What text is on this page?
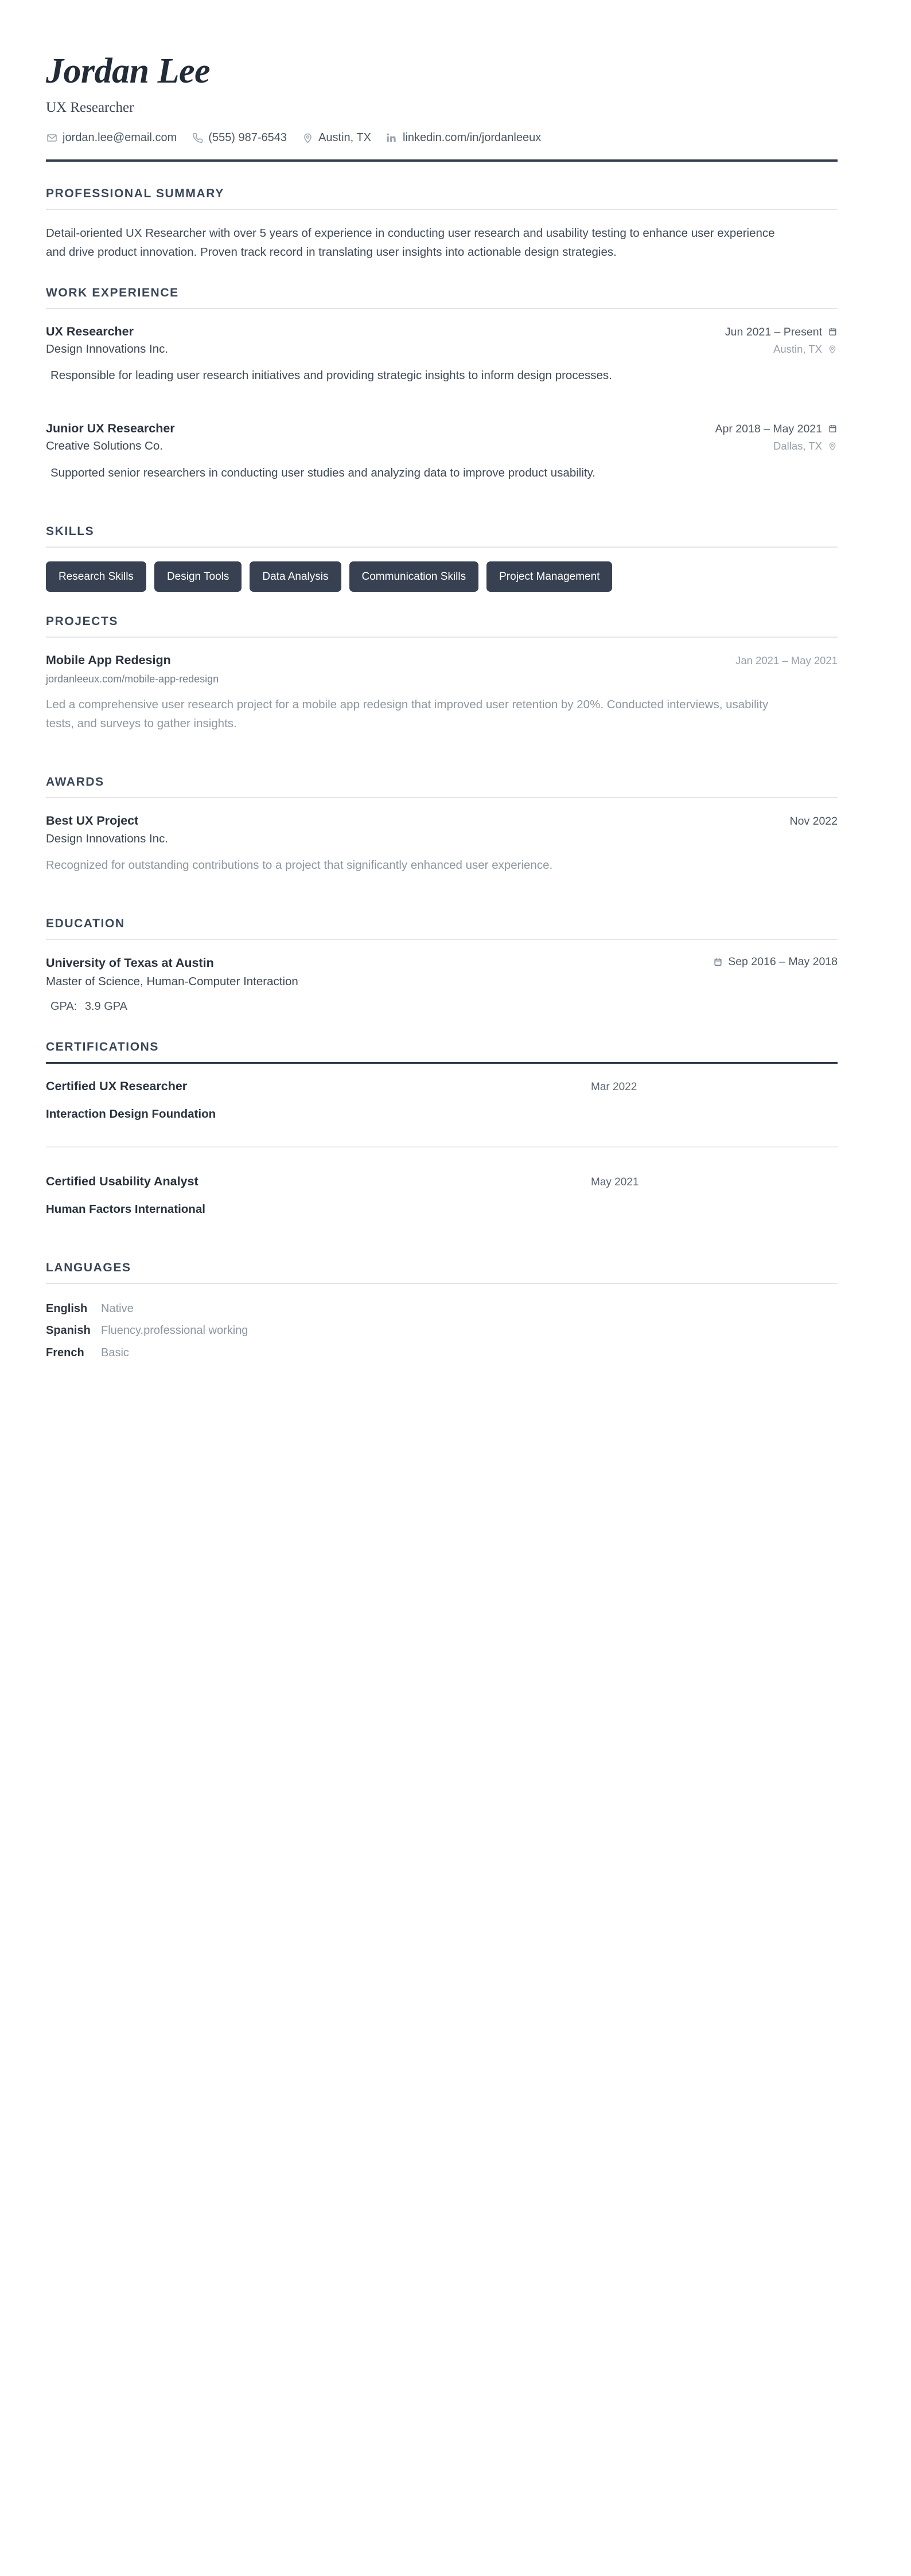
Jordan Lee
UX Researcher
jordan.lee@email.com	(555) 987-6543	Austin, TX	linkedin.com/in/jordanleeux
PROFESSIONAL SUMMARY

Detail-oriented UX Researcher with over 5 years of experience in conducting user research and usability testing to enhance user experience and drive product innovation. Proven track record in translating user insights into actionable design strategies.

WORK EXPERIENCE
UX Researcher	Jun 2021 – Present
Design Innovations Inc.	Austin, TX

Responsible for leading user research initiatives and providing strategic insights to inform design processes.

Junior UX Researcher	Apr 2018 – May 2021
Creative Solutions Co.	Dallas, TX

Supported senior researchers in conducting user studies and analyzing data to improve product usability.

SKILLS
Research Skills	Design Tools	Data Analysis	Communication Skills	Project Management
PROJECTS
Mobile App Redesign	Jan 2021 – May 2021
jordanleeux.com/mobile-app-redesign

Led a comprehensive user research project for a mobile app redesign that improved user retention by 20%. Conducted interviews, usability tests, and surveys to gather insights.

AWARDS
Best UX Project	Nov 2022
Design Innovations Inc.

Recognized for outstanding contributions to a project that significantly enhanced user experience.

EDUCATION
University of Texas at Austin	Sep 2016 – May 2018
Master of Science, Human-Computer Interaction
GPA: 3.9 GPA
CERTIFICATIONS
Certified UX Researcher	Mar 2022
Interaction Design Foundation
Certified Usability Analyst	May 2021
Human Factors International
LANGUAGES
English	Native
Spanish Fluency.professional working
French	Basic
